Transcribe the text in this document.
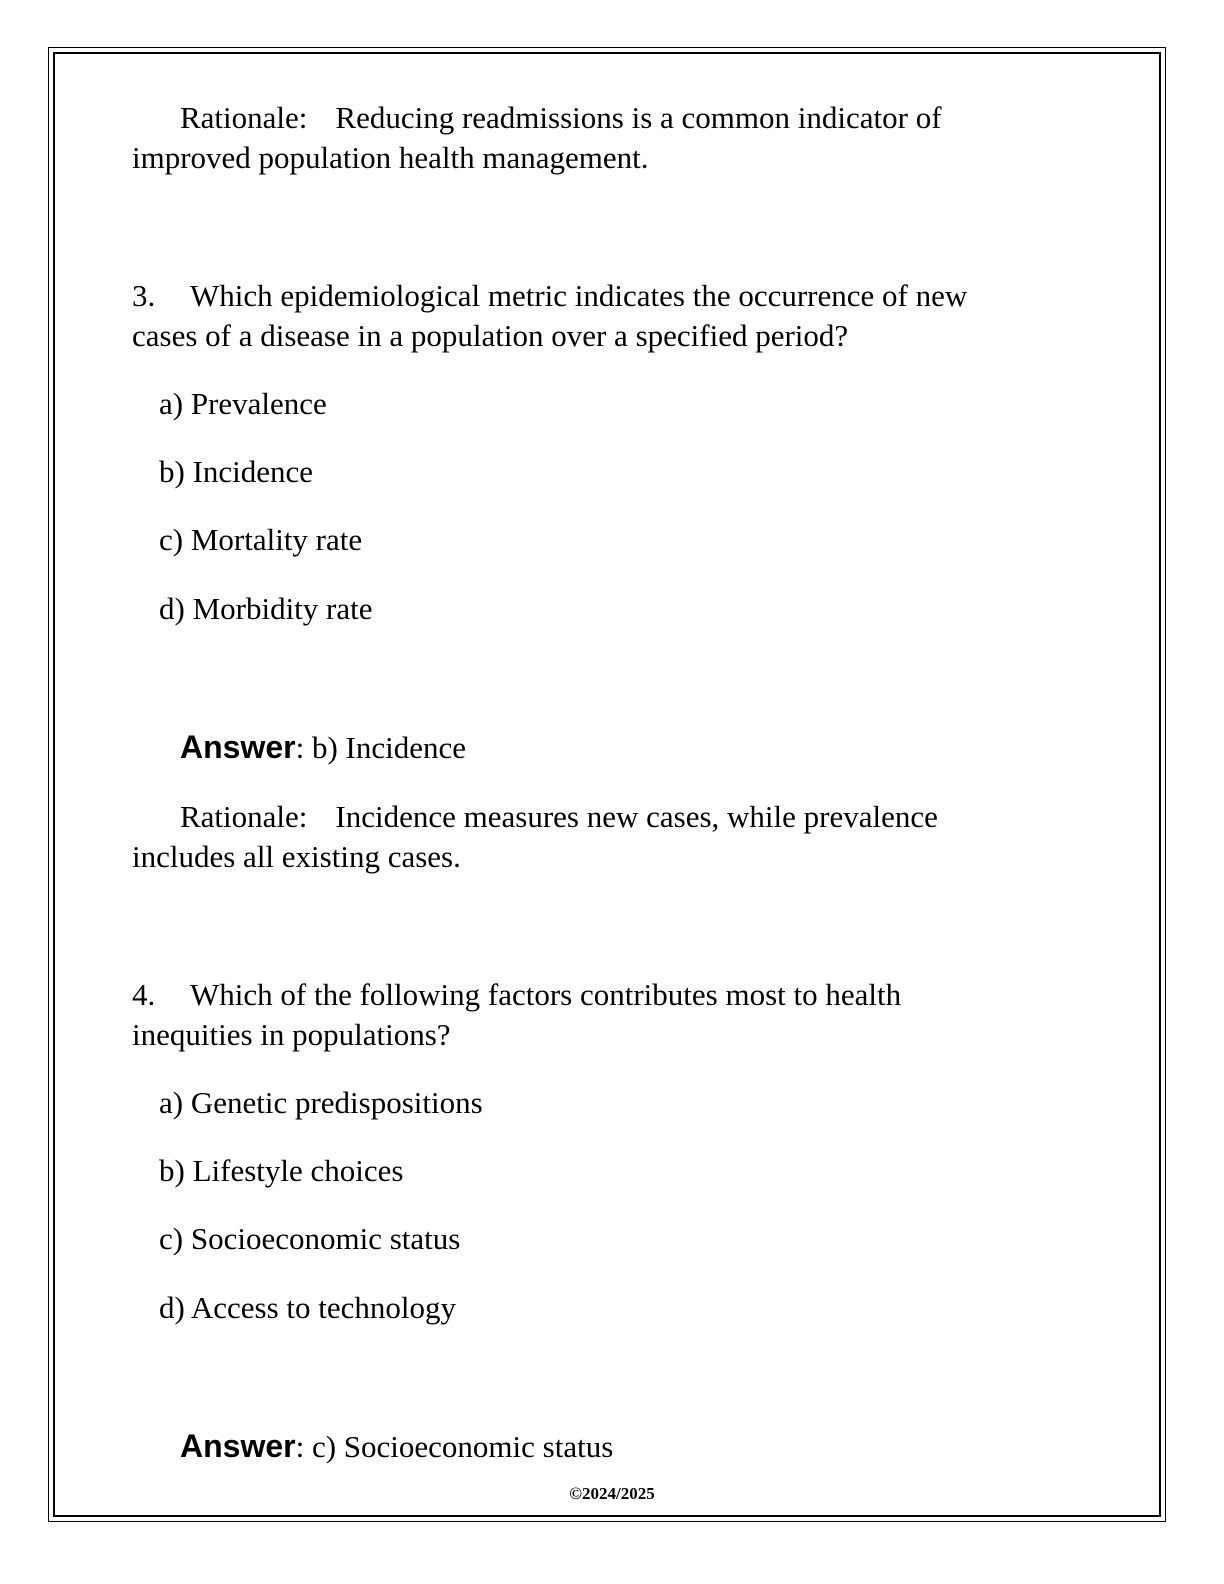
Rationale: Reducing readmissions is a common indicator of
improved population health management.
3. Which epidemiological metric indicates the occurrence of new
cases of a disease in a population over a specified period?
a) Prevalence
b) Incidence
c) Mortality rate
d) Morbidity rate
Answer: b) Incidence
Rationale: Incidence measures new cases, while prevalence
includes all existing cases.
4. Which of the following factors contributes most to health
inequities in populations?
a) Genetic predispositions
b) Lifestyle choices
c) Socioeconomic status
d) Access to technology
Answer: c) Socioeconomic status
©2024/2025
